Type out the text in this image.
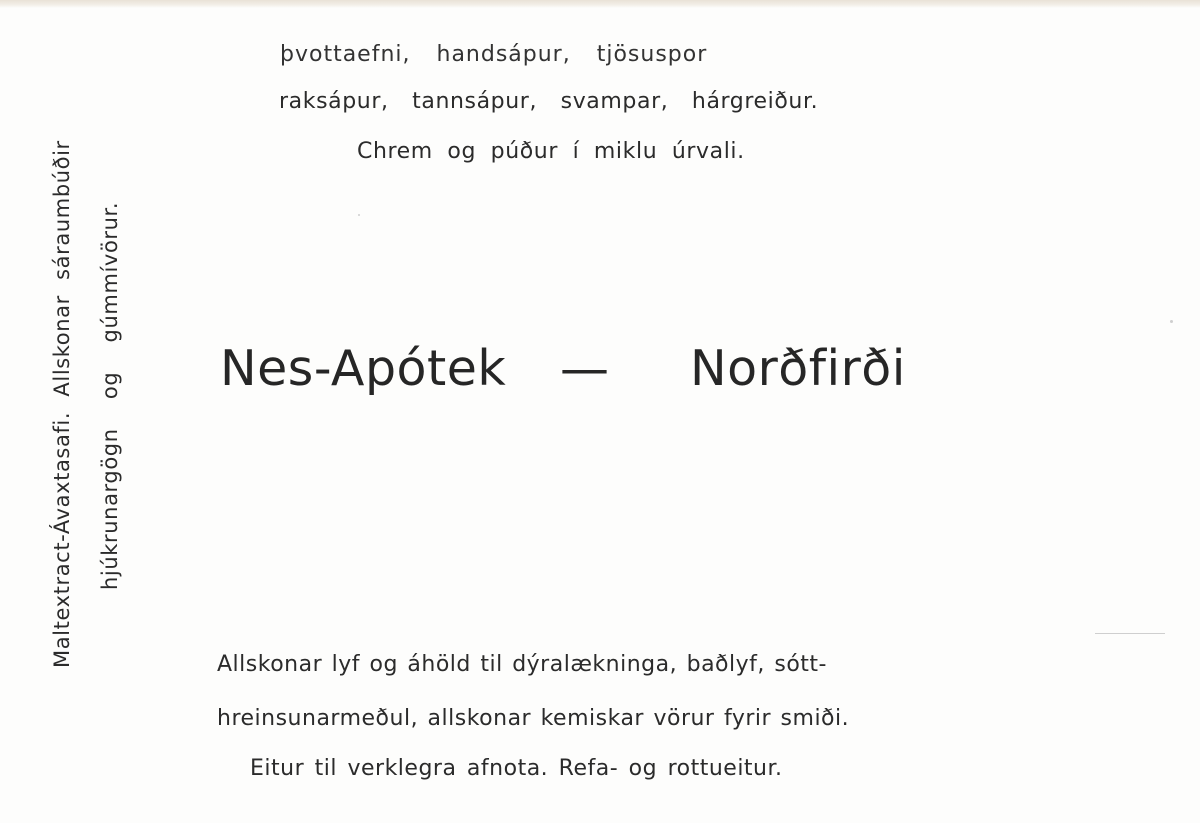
þvottaefni, handsápur, tjösuspor
raksápur, tannsápur, svampar, hárgreiður.
Chrem og púður í miklu úrvali.
Nes-Apótek — Norðfirði
Allskonar lyf og áhöld til dýralækninga, baðlyf, sótt-
hreinsunarmeðul, allskonar kemiskar vörur fyrir smiði.
Eitur til verklegra afnota. Refa- og rottueitur.
Maltextract-Ávaxtasafi. Allskonar sáraumbúðir hjúkrunargögn og gúmmívörur.
